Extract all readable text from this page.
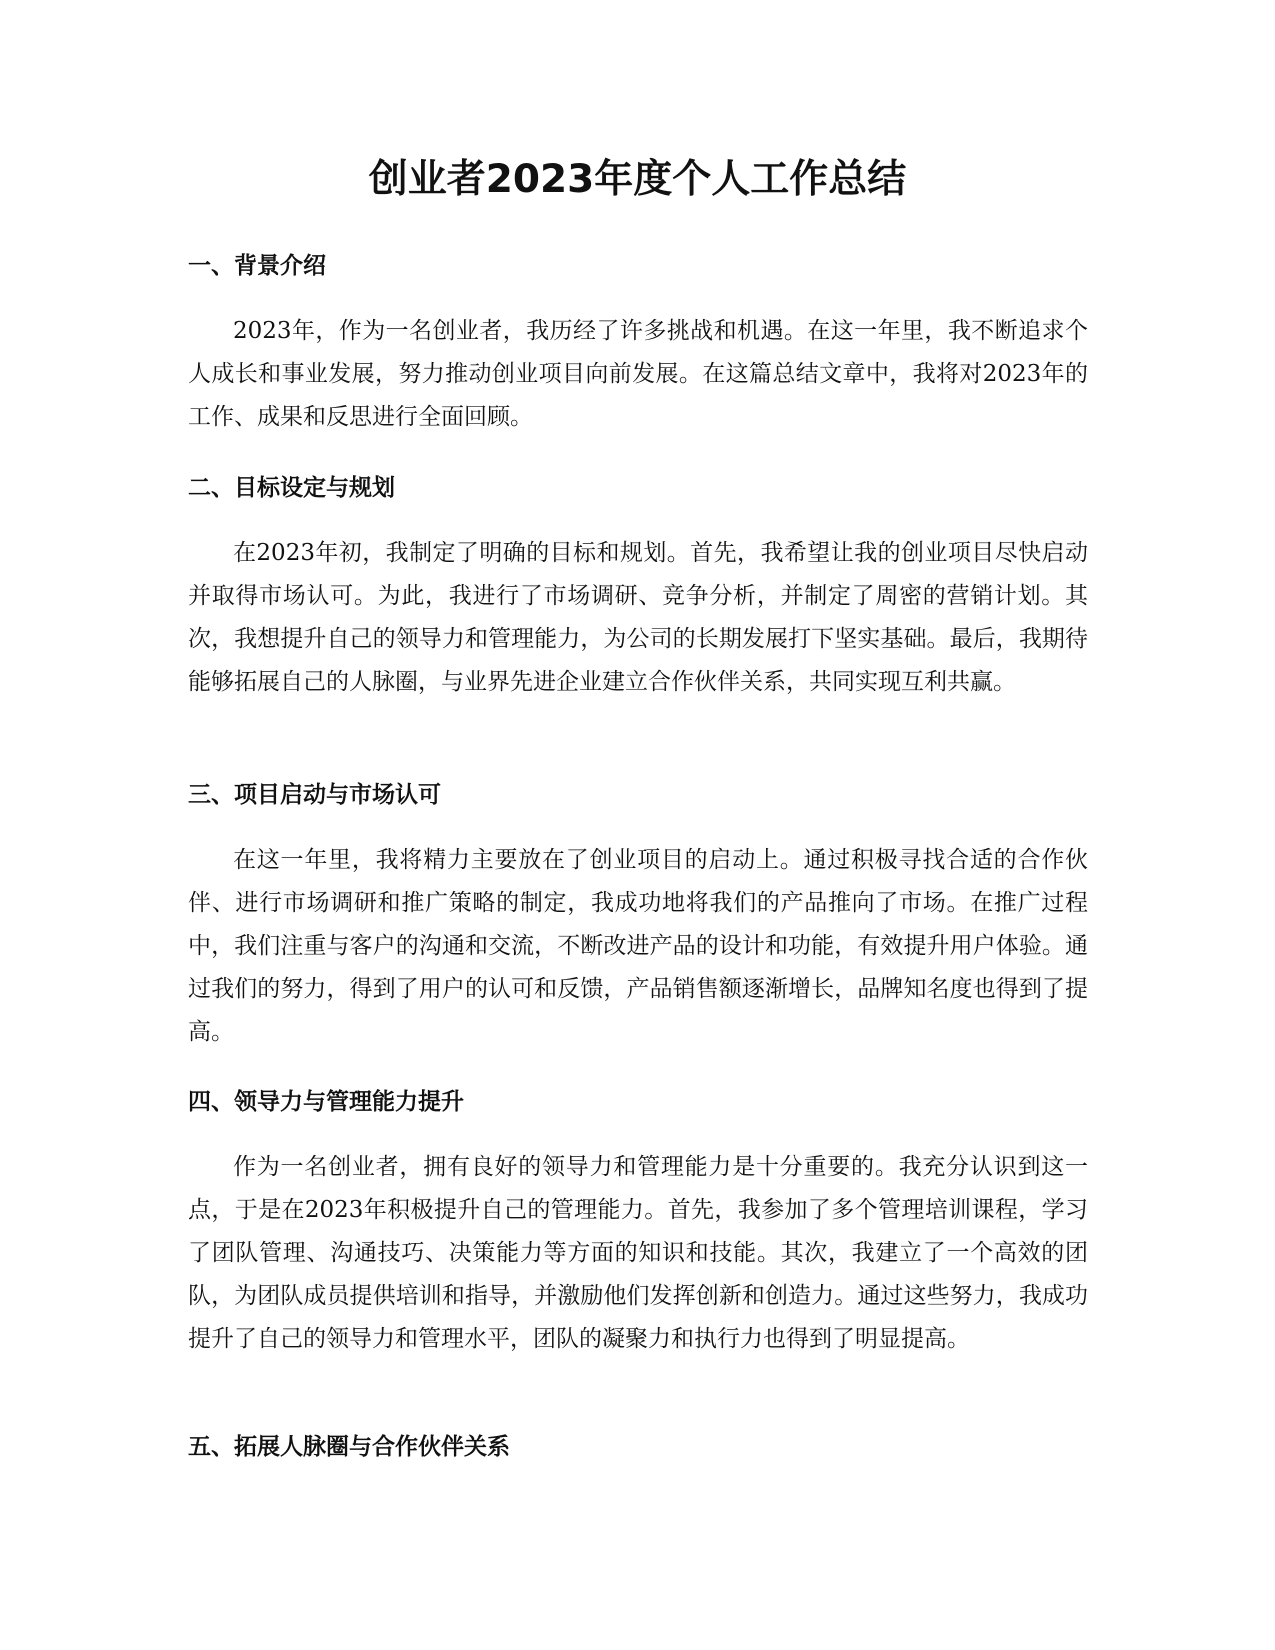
创业者2023年度个人工作总结
一、背景介绍

2023年，作为一名创业者，我历经了许多挑战和机遇。在这一年里，我不断追求个人成长和事业发展，努力推动创业项目向前发展。在这篇总结文章中，我将对2023年的工作、成果和反思进行全面回顾。

二、目标设定与规划

在2023年初，我制定了明确的目标和规划。首先，我希望让我的创业项目尽快启动并取得市场认可。为此，我进行了市场调研、竞争分析，并制定了周密的营销计划。其次，我想提升自己的领导力和管理能力，为公司的长期发展打下坚实基础。最后，我期待能够拓展自己的人脉圈，与业界先进企业建立合作伙伴关系，共同实现互利共赢。

三、项目启动与市场认可

在这一年里，我将精力主要放在了创业项目的启动上。通过积极寻找合适的合作伙伴、进行市场调研和推广策略的制定，我成功地将我们的产品推向了市场。在推广过程中，我们注重与客户的沟通和交流，不断改进产品的设计和功能，有效提升用户体验。通过我们的努力，得到了用户的认可和反馈，产品销售额逐渐增长，品牌知名度也得到了提高。

四、领导力与管理能力提升

作为一名创业者，拥有良好的领导力和管理能力是十分重要的。我充分认识到这一点，于是在2023年积极提升自己的管理能力。首先，我参加了多个管理培训课程，学习了团队管理、沟通技巧、决策能力等方面的知识和技能。其次，我建立了一个高效的团队，为团队成员提供培训和指导，并激励他们发挥创新和创造力。通过这些努力，我成功提升了自己的领导力和管理水平，团队的凝聚力和执行力也得到了明显提高。

五、拓展人脉圈与合作伙伴关系
